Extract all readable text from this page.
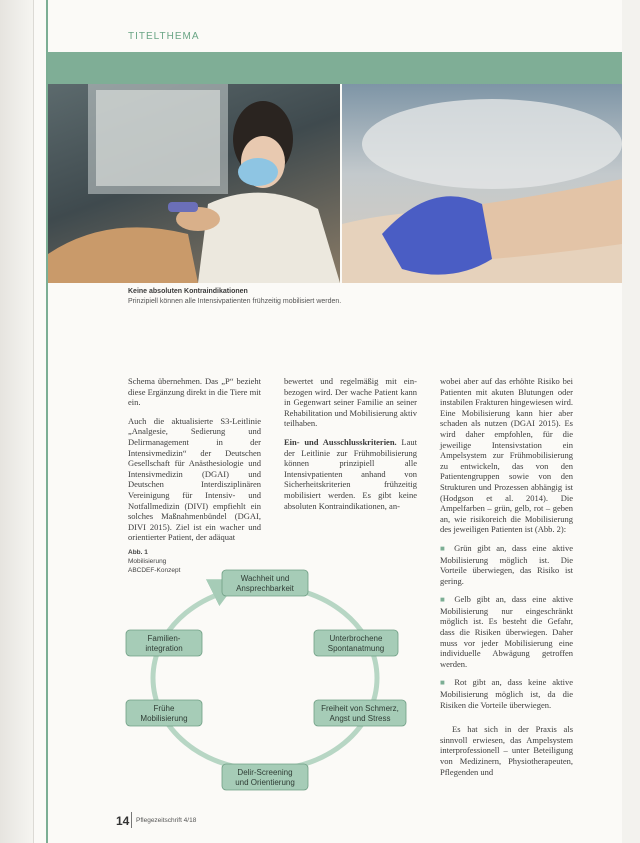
TITELTHEMA
Keine absoluten Kontraindikationen
Prinzipiell können alle Intensivpatienten frühzeitig mobilisiert werden.

Schema übernehmen. Das „P“ bezieht diese Ergänzung direkt in die Tiere mit ein.

Auch die aktualisierte S3-Leitlinie „Analgesie, Sedierung und Delirmanagement in der Intensivmedizin“ der Deutschen Gesellschaft für Anästhesiologie und Intensivmedizin (DGAI) und Deutschen Interdisziplinären Vereinigung für Intensiv- und Notfallmedizin (DIVI) empfiehlt ein solches Maßnahmenbündel (DGAI, DIVI 2015). Ziel ist ein wacher und orientierter Patient, der adäquat

bewertet und regelmäßig mit ein- bezogen wird. Der wache Patient kann in Gegenwart seiner Familie an seiner Rehabilitation und Mobilisierung aktiv teilhaben.

Ein- und Ausschlusskriterien. Laut der Leitlinie zur Frühmobilisierung können prinzipiell alle Intensivpatienten anhand von Sicherheitskriterien frühzeitig mobilisiert werden. Es gibt keine absoluten Kontraindikationen, an-

wobei aber auf das erhöhte Risiko bei Patienten mit akuten Blutungen oder instabilen Frakturen hingewiesen wird. Eine Mobilisierung kann hier aber schaden als nutzen (DGAI 2015). Es wird daher empfohlen, für die jeweilige Intensivstation ein Ampelsystem zur Frühmobilisierung zu entwickeln, das von den Patientengruppen sowie von den Strukturen und Prozessen abhängig ist (Hodgson et al. 2014). Die Ampelfarben – grün, gelb, rot – geben an, wie risikoreich die Mobilisierung des jeweiligen Patienten ist (Abb. 2):

■ Grün gibt an, dass eine aktive Mobilisierung möglich ist. Die Vorteile überwiegen, das Risiko ist gering.

■ Gelb gibt an, dass eine aktive Mobilisierung nur eingeschränkt möglich ist. Es besteht die Gefahr, dass die Risiken überwiegen. Daher muss vor jeder Mobilisierung eine individuelle Abwägung getroffen werden.

■ Rot gibt an, dass keine aktive Mobilisierung möglich ist, da die Risiken die Vorteile überwiegen.

Es hat sich in der Praxis als sinnvoll erwiesen, das Ampelsystem interprofessionell – unter Beteiligung von Medizinern, Physiotherapeuten, Pflegenden und

Abb. 1
Mobilisierung
ABCDEF-Konzept
Wachheit und
Ansprechbarkeit
Unterbrochene
Spontanatmung
Freiheit von Schmerz,
Angst und Stress
Delir-Screening
und Orientierung
Frühe
Mobilisierung
Familien-
integration
14 Pflegezeitschrift 4/18
